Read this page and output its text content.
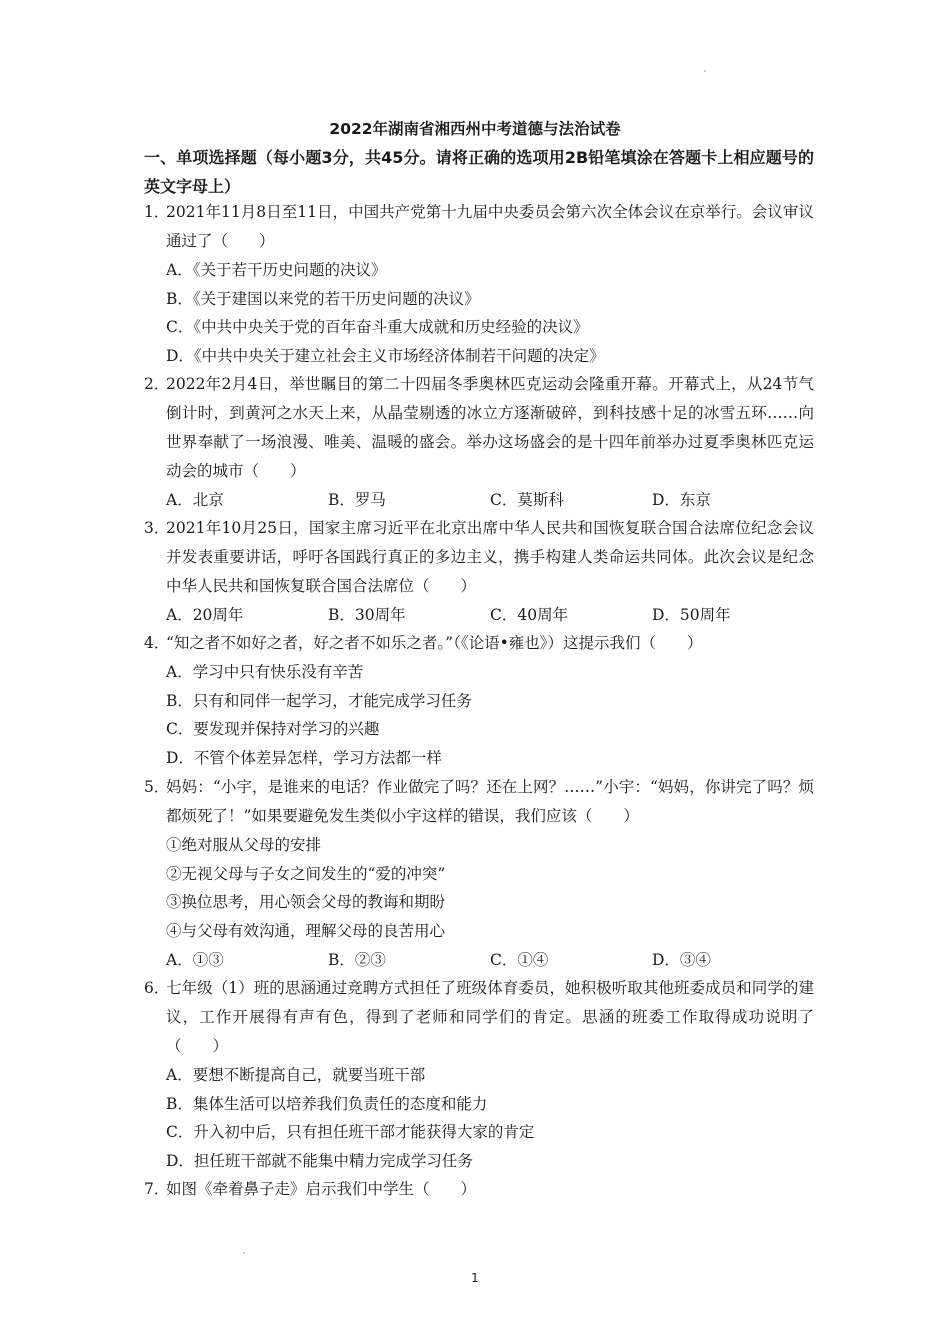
2022年湖南省湘西州中考道德与法治试卷
一、单项选择题（每小题3分，共45分。请将正确的选项用2B铅笔填涂在答题卡上相应题号的英文字母上）
1．
2021年11月8日至11日，中国共产党第十九届中央委员会第六次全体会议在京举行。会议审议通过了（　　）
A．《关于若干历史问题的决议》
B．《关于建国以来党的若干历史问题的决议》
C．《中共中央关于党的百年奋斗重大成就和历史经验的决议》
D．《中共中央关于建立社会主义市场经济体制若干问题的决定》
2．
2022年2月4日，举世瞩目的第二十四届冬季奥林匹克运动会隆重开幕。开幕式上，从24节气倒计时，到黄河之水天上来，从晶莹剔透的冰立方逐渐破碎，到科技感十足的冰雪五环……向世界奉献了一场浪漫、唯美、温暖的盛会。举办这场盛会的是十四年前举办过夏季奥林匹克运动会的城市（　　）
A．北京	B．罗马	C．莫斯科	D．东京
3．
2021年10月25日，国家主席习近平在北京出席中华人民共和国恢复联合国合法席位纪念会议并发表重要讲话，呼吁各国践行真正的多边主义，携手构建人类命运共同体。此次会议是纪念中华人民共和国恢复联合国合法席位（　　）
A．20周年	B．30周年	C．40周年	D．50周年
4．
“知之者不如好之者，好之者不如乐之者。”（《论语•雍也》）这提示我们（　　）
A．学习中只有快乐没有辛苦
B．只有和同伴一起学习，才能完成学习任务
C．要发现并保持对学习的兴趣
D．不管个体差异怎样，学习方法都一样
5．
妈妈：“小宇，是谁来的电话？作业做完了吗？还在上网？……”小宇：“妈妈，你讲完了吗？烦都烦死了！”如果要避免发生类似小宇这样的错误，我们应该（　　）
①绝对服从父母的安排
②无视父母与子女之间发生的“爱的冲突”
③换位思考，用心领会父母的教诲和期盼
④与父母有效沟通，理解父母的良苦用心
A．①③	B．②③	C．①④	D．③④
6．
七年级（1）班的思涵通过竞聘方式担任了班级体育委员，她积极听取其他班委成员和同学的建议，工作开展得有声有色，得到了老师和同学们的肯定。思涵的班委工作取得成功说明了（　　）
A．要想不断提高自己，就要当班干部
B．集体生活可以培养我们负责任的态度和能力
C．升入初中后，只有担任班干部才能获得大家的肯定
D．担任班干部就不能集中精力完成学习任务
7．
如图《牵着鼻子走》启示我们中学生（　　）
1
